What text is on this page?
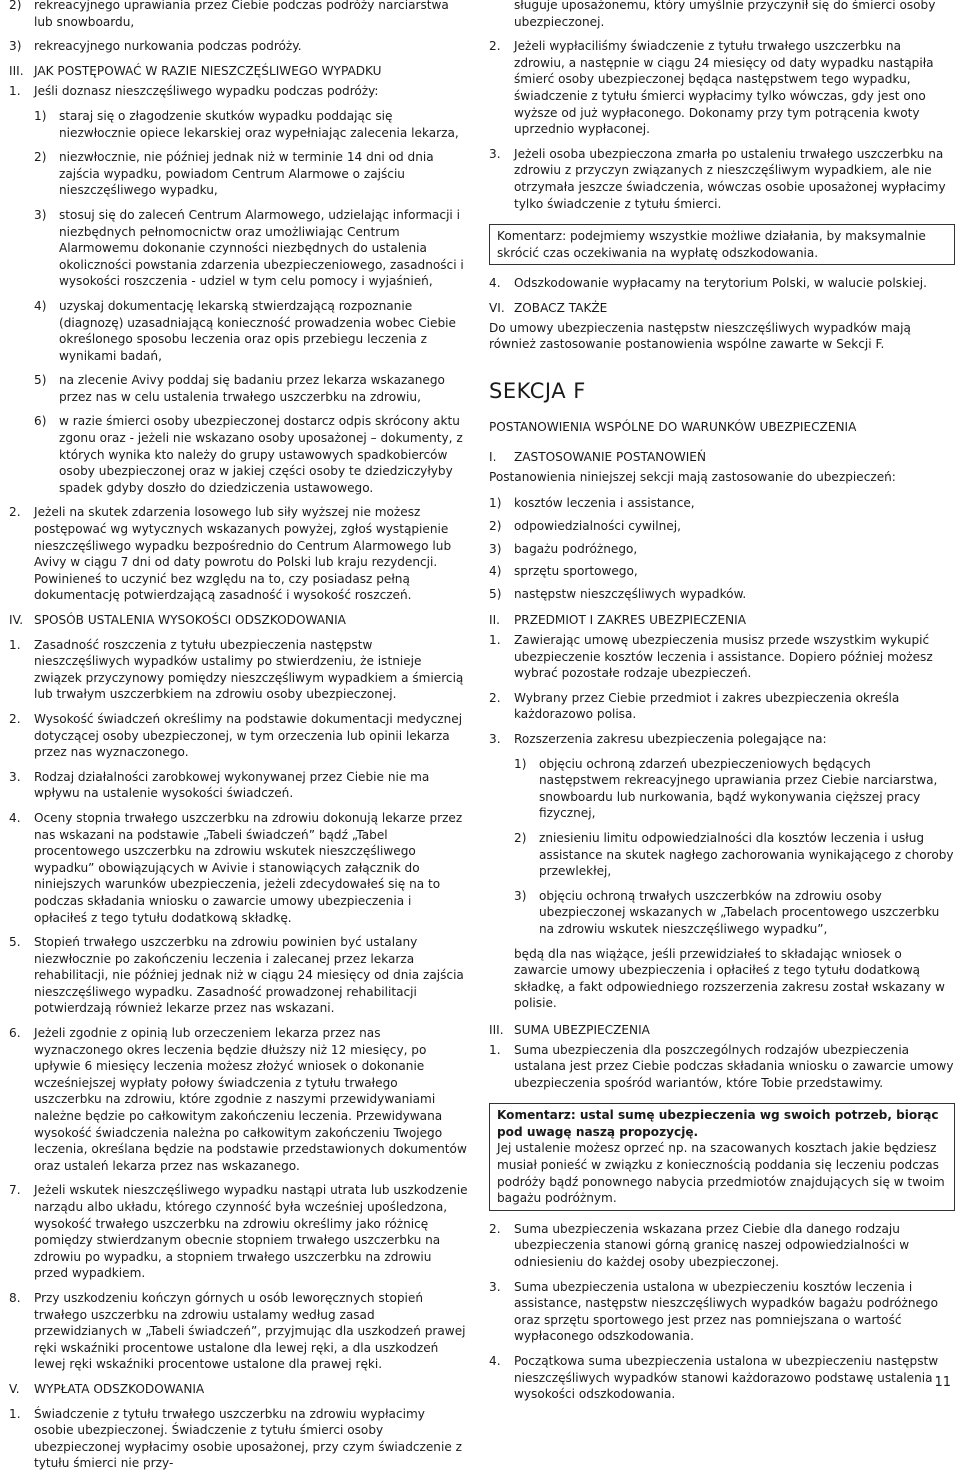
2)	rekreacyjnego uprawiania przez Ciebie podczas podróży narciarstwa lub snowboardu,
3)	rekreacyjnego nurkowania podczas podróży.
III. JAK POSTĘPOWAĆ W RAZIE NIESZCZĘŚLIWEGO WYPADKU
1.	Jeśli doznasz nieszczęśliwego wypadku podczas podróży:
1)	staraj się o złagodzenie skutków wypadku poddając się niezwłocznie opiece lekarskiej oraz wypełniając zalecenia lekarza,
2)	niezwłocznie, nie później jednak niż w terminie 14 dni od dnia zajścia wypadku, powiadom Centrum Alarmowe o zajściu nieszczęśliwego wypadku,
3)	stosuj się do zaleceń Centrum Alarmowego, udzielając informacji i niezbędnych pełnomocnictw oraz umożliwiając Centrum Alarmowemu dokonanie czynności niezbędnych do ustalenia okoliczności powstania zdarzenia ubezpieczeniowego, zasadności i wysokości roszczenia - udziel w tym celu pomocy i wyjaśnień,
4)	uzyskaj dokumentację lekarską stwierdzającą rozpoznanie (diagnozę) uzasadniającą konieczność prowadzenia wobec Ciebie określonego sposobu leczenia oraz opis przebiegu leczenia z wynikami badań,
5)	na zlecenie Avivy poddaj się badaniu przez lekarza wskazanego przez nas w celu ustalenia trwałego uszczerbku na zdrowiu,
6)	w razie śmierci osoby ubezpieczonej dostarcz odpis skrócony aktu zgonu oraz - jeżeli nie wskazano osoby uposażonej – dokumenty, z których wynika kto należy do grupy ustawowych spadkobierców osoby ubezpieczonej oraz w jakiej części osoby te dziedziczyłyby spadek gdyby doszło do dziedziczenia ustawowego.
2.	Jeżeli na skutek zdarzenia losowego lub siły wyższej nie możesz postępować wg wytycznych wskazanych powyżej, zgłoś wystąpienie nieszczęśliwego wypadku bezpośrednio do Centrum Alarmowego lub Avivy w ciągu 7 dni od daty powrotu do Polski lub kraju rezydencji. Powinieneś to uczynić bez względu na to, czy posiadasz pełną dokumentację potwierdzającą zasadność i wysokość roszczeń.
IV. SPOSÓB USTALENIA WYSOKOŚCI ODSZKODOWANIA
1.	Zasadność roszczenia z tytułu ubezpieczenia następstw nieszczęśliwych wypadków ustalimy po stwierdzeniu, że istnieje związek przyczynowy pomiędzy nieszczęśliwym wypadkiem a śmiercią lub trwałym uszczerbkiem na zdrowiu osoby ubezpieczonej.
2.	Wysokość świadczeń określimy na podstawie dokumentacji medycznej dotyczącej osoby ubezpieczonej, w tym orzeczenia lub opinii lekarza przez nas wyznaczonego.
3.	Rodzaj działalności zarobkowej wykonywanej przez Ciebie nie ma wpływu na ustalenie wysokości świadczeń.
4.	Oceny stopnia trwałego uszczerbku na zdrowiu dokonują lekarze przez nas wskazani na podstawie „Tabeli świadczeń” bądź „Tabel procentowego uszczerbku na zdrowiu wskutek nieszczęśliwego wypadku” obowiązujących w Avivie i stanowiących załącznik do niniejszych warunków ubezpieczenia, jeżeli zdecydowałeś się na to podczas składania wniosku o zawarcie umowy ubezpieczenia i opłaciłeś z tego tytułu dodatkową składkę.
5.	Stopień trwałego uszczerbku na zdrowiu powinien być ustalany niezwłocznie po zakończeniu leczenia i zalecanej przez lekarza rehabilitacji, nie później jednak niż w ciągu 24 miesięcy od dnia zajścia nieszczęśliwego wypadku. Zasadność prowadzonej rehabilitacji potwierdzają również lekarze przez nas wskazani.
6.	Jeżeli zgodnie z opinią lub orzeczeniem lekarza przez nas wyznaczonego okres leczenia będzie dłuższy niż 12 miesięcy, po upływie 6 miesięcy leczenia możesz złożyć wniosek o dokonanie wcześniejszej wypłaty połowy świadczenia z tytułu trwałego uszczerbku na zdrowiu, które zgodnie z naszymi przewidywaniami należne będzie po całkowitym zakończeniu leczenia. Przewidywana wysokość świadczenia należna po całkowitym zakończeniu Twojego leczenia, określana będzie na podstawie przedstawionych dokumentów oraz ustaleń lekarza przez nas wskazanego.
7.	Jeżeli wskutek nieszczęśliwego wypadku nastąpi utrata lub uszkodzenie narządu albo układu, którego czynność była wcześniej upośledzona, wysokość trwałego uszczerbku na zdrowiu określimy jako różnicę pomiędzy stwierdzanym obecnie stopniem trwałego uszczerbku na zdrowiu po wypadku, a stopniem trwałego uszczerbku na zdrowiu przed wypadkiem.
8.	Przy uszkodzeniu kończyn górnych u osób leworęcznych stopień trwałego uszczerbku na zdrowiu ustalamy według zasad przewidzianych w „Tabeli świadczeń”, przyjmując dla uszkodzeń prawej ręki wskaźniki procentowe ustalone dla lewej ręki, a dla uszkodzeń lewej ręki wskaźniki procentowe ustalone dla prawej ręki.
V.	WYPŁATA ODSZKODOWANIA
1.	Świadczenie z tytułu trwałego uszczerbku na zdrowiu wypłacimy osobie ubezpieczonej. Świadczenie z tytułu śmierci osoby ubezpieczonej wypłacimy osobie uposażonej, przy czym świadczenie z tytułu śmierci nie przy-

sługuje uposażonemu, który umyślnie przyczynił się do śmierci osoby ubezpieczonej.

2.	Jeżeli wypłaciliśmy świadczenie z tytułu trwałego uszczerbku na zdrowiu, a następnie w ciągu 24 miesięcy od daty wypadku nastąpiła śmierć osoby ubezpieczonej będąca następstwem tego wypadku, świadczenie z tytułu śmierci wypłacimy tylko wówczas, gdy jest ono wyższe od już wypłaconego. Dokonamy przy tym potrącenia kwoty uprzednio wypłaconej.
3.	Jeżeli osoba ubezpieczona zmarła po ustaleniu trwałego uszczerbku na zdrowiu z przyczyn związanych z nieszczęśliwym wypadkiem, ale nie otrzymała jeszcze świadczenia, wówczas osobie uposażonej wypłacimy tylko świadczenie z tytułu śmierci.
Komentarz: podejmiemy wszystkie możliwe działania, by maksymalnie skrócić czas oczekiwania na wypłatę odszkodowania.
4.	Odszkodowanie wypłacamy na terytorium Polski, w walucie polskiej.
VI. ZOBACZ TAKŻE

Do umowy ubezpieczenia następstw nieszczęśliwych wypadków mają również zastosowanie postanowienia wspólne zawarte w Sekcji F.

SEKCJA F
POSTANOWIENIA WSPÓLNE DO WARUNKÓW UBEZPIECZENIA
I.	ZASTOSOWANIE POSTANOWIEŃ

Postanowienia niniejszej sekcji mają zastosowanie do ubezpieczeń:

1)	kosztów leczenia i assistance,
2)	odpowiedzialności cywilnej,
3)	bagażu podróżnego,
4)	sprzętu sportowego,
5)	następstw nieszczęśliwych wypadków.
II.	PRZEDMIOT I ZAKRES UBEZPIECZENIA
1.	Zawierając umowę ubezpieczenia musisz przede wszystkim wykupić ubezpieczenie kosztów leczenia i assistance. Dopiero później możesz wybrać pozostałe rodzaje ubezpieczeń.
2.	Wybrany przez Ciebie przedmiot i zakres ubezpieczenia określa każdorazowo polisa.
3.	Rozszerzenia zakresu ubezpieczenia polegające na:
1)	objęciu ochroną zdarzeń ubezpieczeniowych będących następstwem rekreacyjnego uprawiania przez Ciebie narciarstwa, snowboardu lub nurkowania, bądź wykonywania cięższej pracy fizycznej,
2)	zniesieniu limitu odpowiedzialności dla kosztów leczenia i usług assistance na skutek nagłego zachorowania wynikającego z choroby przewlekłej,
3)	objęciu ochroną trwałych uszczerbków na zdrowiu osoby ubezpieczonej wskazanych w „Tabelach procentowego uszczerbku na zdrowiu wskutek nieszczęśliwego wypadku”,

będą dla nas wiążące, jeśli przewidziałeś to składając wniosek o zawarcie umowy ubezpieczenia i opłaciłeś z tego tytułu dodatkową składkę, a fakt odpowiedniego rozszerzenia zakresu został wskazany w polisie.

III. SUMA UBEZPIECZENIA
1.	Suma ubezpieczenia dla poszczególnych rodzajów ubezpieczenia ustalana jest przez Ciebie podczas składania wniosku o zawarcie umowy ubezpieczenia spośród wariantów, które Tobie przedstawimy.
Komentarz: ustal sumę ubezpieczenia wg swoich potrzeb, biorąc pod uwagę naszą propozycję.
Jej ustalenie możesz oprzeć np. na szacowanych kosztach jakie będziesz musiał ponieść w związku z koniecznością poddania się leczeniu podczas podróży bądź ponownego nabycia przedmiotów znajdujących się w twoim bagażu podróżnym.
2.	Suma ubezpieczenia wskazana przez Ciebie dla danego rodzaju ubezpieczenia stanowi górną granicę naszej odpowiedzialności w odniesieniu do każdej osoby ubezpieczonej.
3.	Suma ubezpieczenia ustalona w ubezpieczeniu kosztów leczenia i assistance, następstw nieszczęśliwych wypadków bagażu podróżnego oraz sprzętu sportowego jest przez nas pomniejszana o wartość wypłaconego odszkodowania.
4.	Początkowa suma ubezpieczenia ustalona w ubezpieczeniu następstw nieszczęśliwych wypadków stanowi każdorazowo podstawę ustalenia wysokości odszkodowania.
11
